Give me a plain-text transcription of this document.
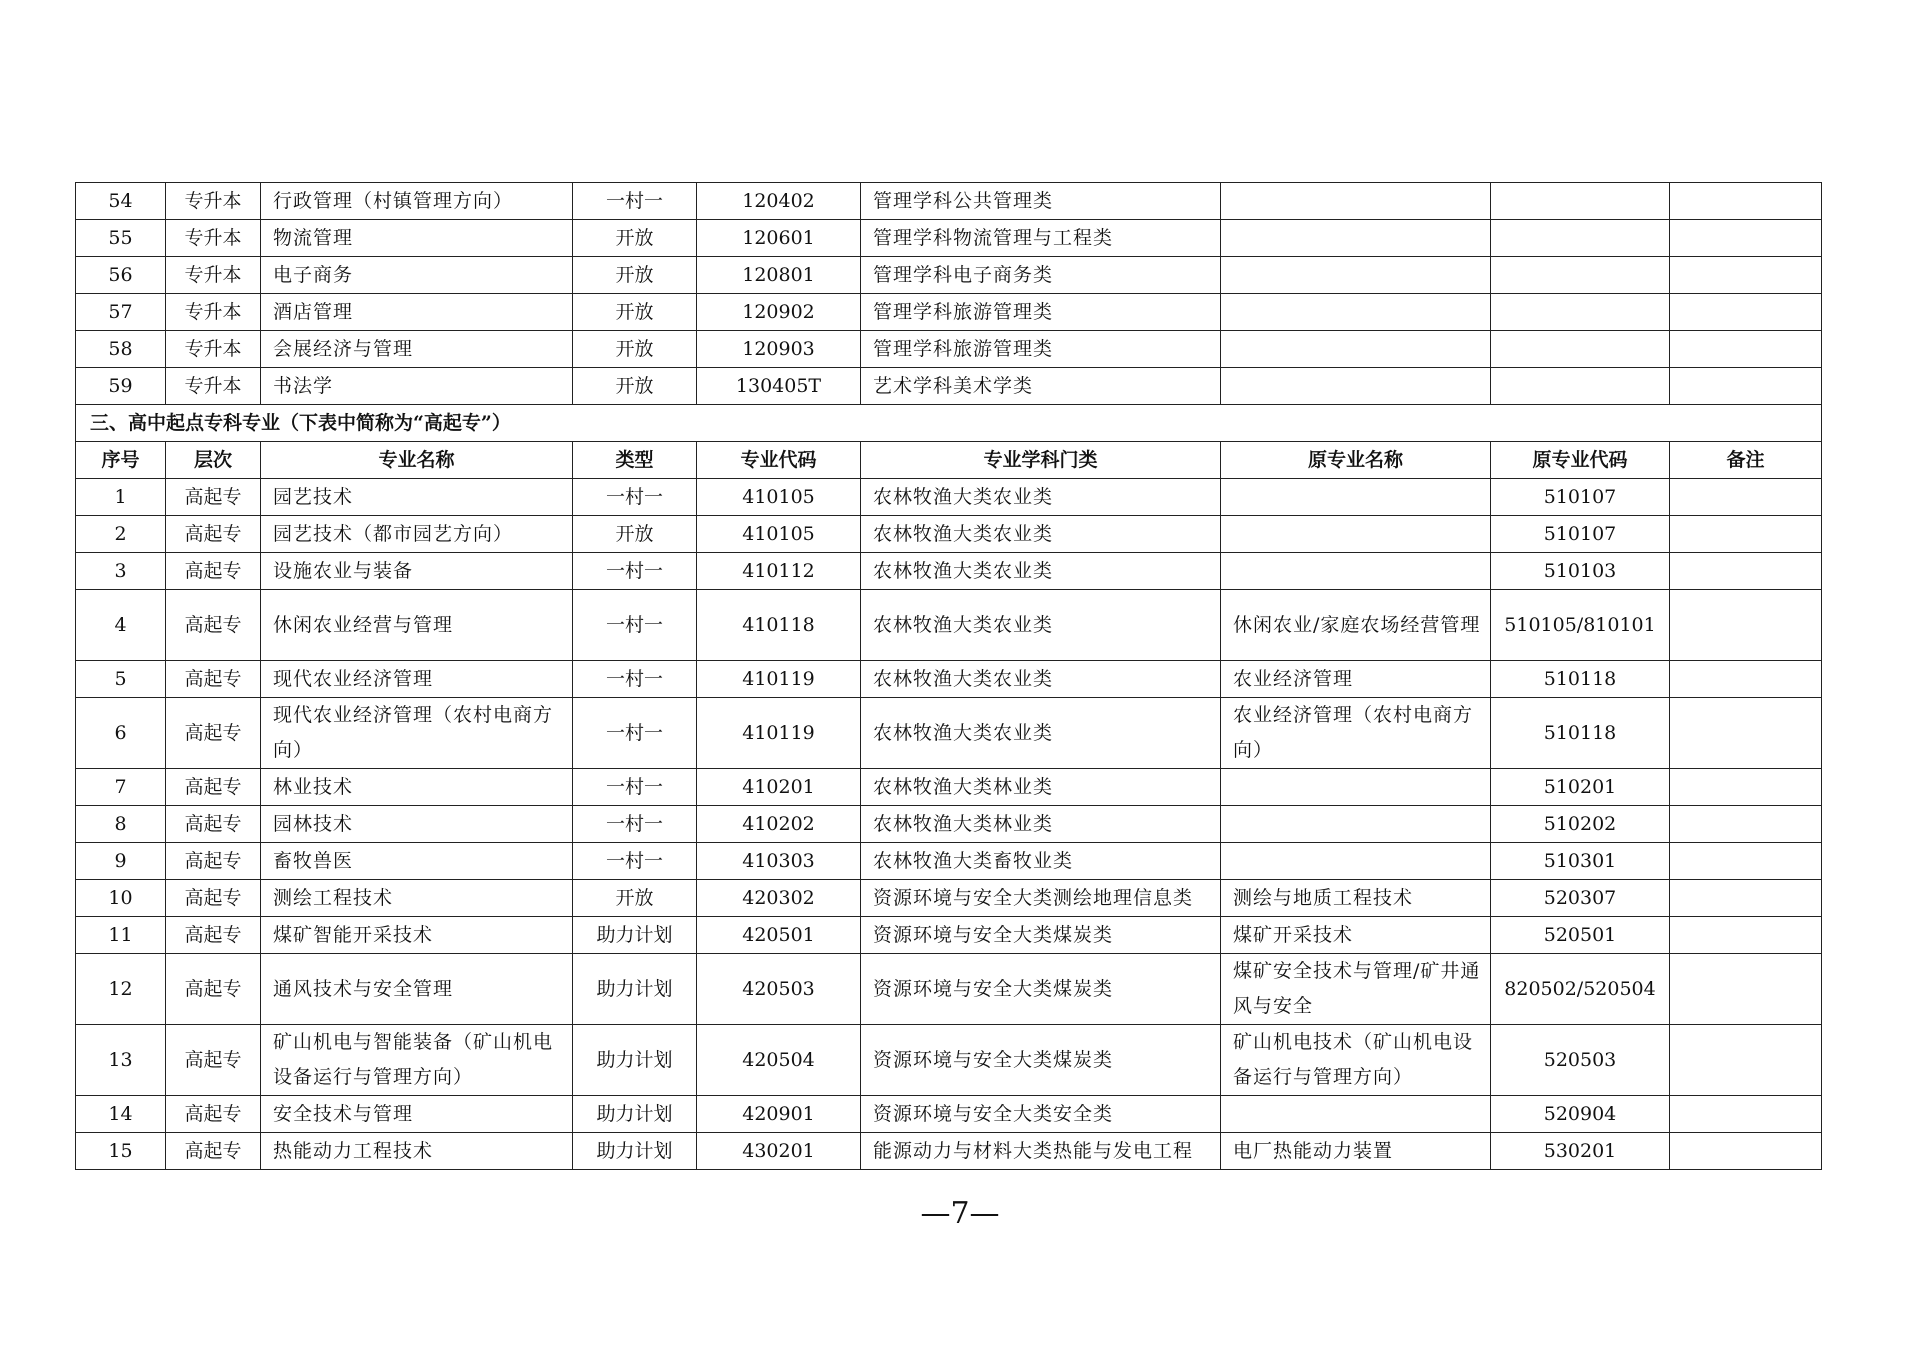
54	专升本	行政管理（村镇管理方向）	一村一	120402	管理学科公共管理类			
55	专升本	物流管理	开放	120601	管理学科物流管理与工程类			
56	专升本	电子商务	开放	120801	管理学科电子商务类			
57	专升本	酒店管理	开放	120902	管理学科旅游管理类			
58	专升本	会展经济与管理	开放	120903	管理学科旅游管理类			
59	专升本	书法学	开放	130405T	艺术学科美术学类			
三、高中起点专科专业（下表中简称为“高起专”）								
序号	层次	专业名称	类型	专业代码	专业学科门类	原专业名称	原专业代码	备注
1	高起专	园艺技术	一村一	410105	农林牧渔大类农业类		510107	
2	高起专	园艺技术（都市园艺方向）	开放	410105	农林牧渔大类农业类		510107	
3	高起专	设施农业与装备	一村一	410112	农林牧渔大类农业类		510103	
4	高起专	休闲农业经营与管理	一村一	410118	农林牧渔大类农业类	休闲农业/家庭农场经营管理	510105/810101	
5	高起专	现代农业经济管理	一村一	410119	农林牧渔大类农业类	农业经济管理	510118	
6	高起专	现代农业经济管理（农村电商方向）	一村一	410119	农林牧渔大类农业类	农业经济管理（农村电商方向）	510118	
7	高起专	林业技术	一村一	410201	农林牧渔大类林业类		510201	
8	高起专	园林技术	一村一	410202	农林牧渔大类林业类		510202	
9	高起专	畜牧兽医	一村一	410303	农林牧渔大类畜牧业类		510301	
10	高起专	测绘工程技术	开放	420302	资源环境与安全大类测绘地理信息类	测绘与地质工程技术	520307	
11	高起专	煤矿智能开采技术	助力计划	420501	资源环境与安全大类煤炭类	煤矿开采技术	520501	
12	高起专	通风技术与安全管理	助力计划	420503	资源环境与安全大类煤炭类	煤矿安全技术与管理/矿井通风与安全	820502/520504	
13	高起专	矿山机电与智能装备（矿山机电设备运行与管理方向）	助力计划	420504	资源环境与安全大类煤炭类	矿山机电技术（矿山机电设备运行与管理方向）	520503	
14	高起专	安全技术与管理	助力计划	420901	资源环境与安全大类安全类		520904	
15	高起专	热能动力工程技术	助力计划	430201	能源动力与材料大类热能与发电工程	电厂热能动力装置	530201	
—7—
